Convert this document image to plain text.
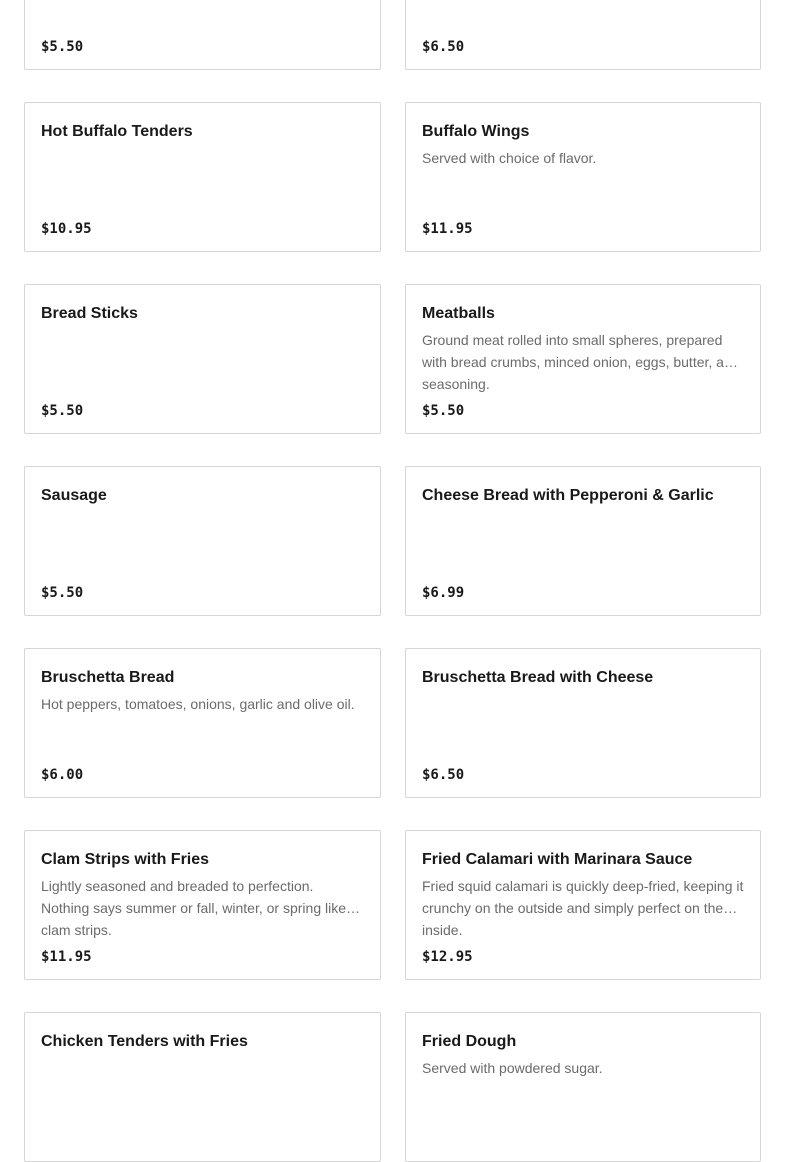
$5.50	$6.50
Hot Buffalo Tenders
$10.95
Buffalo Wings
Served with choice of flavor.
$11.95
Bread Sticks
$5.50
Meatballs
Ground meat rolled into small spheres, prepared with bread crumbs, minced onion, eggs, butter, and seasoning.
$5.50
Sausage
$5.50
Cheese Bread with Pepperoni & Garlic
$6.99
Bruschetta Bread
Hot peppers, tomatoes, onions, garlic and olive oil.
$6.00
Bruschetta Bread with Cheese
$6.50
Clam Strips with Fries
Lightly seasoned and breaded to perfection. Nothing says summer or fall, winter, or spring like clam strips.
$11.95
Fried Calamari with Marinara Sauce
Fried squid calamari is quickly deep-fried, keeping it crunchy on the outside and simply perfect on the inside.
$12.95
Chicken Tenders with Fries	Fried Dough
Served with powdered sugar.
